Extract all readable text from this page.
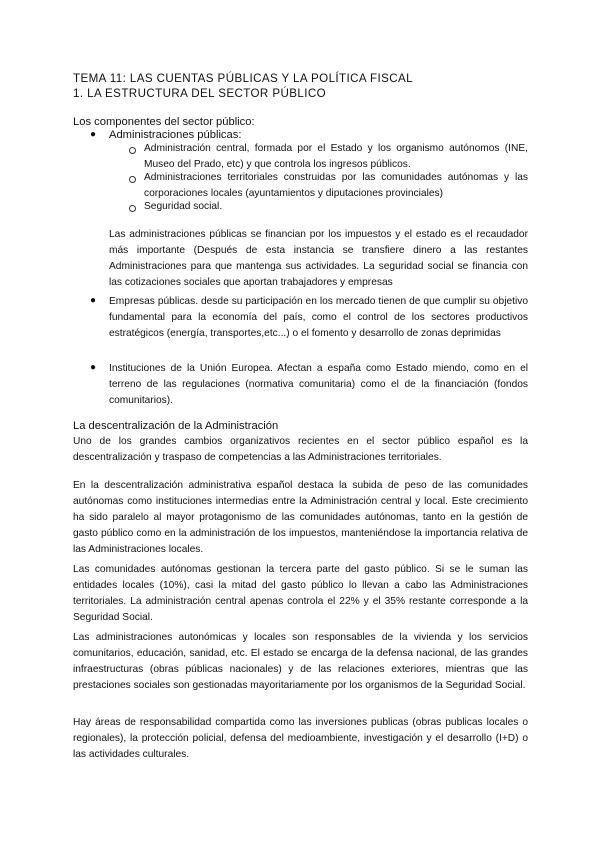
TEMA 11: LAS CUENTAS PÚBLICAS Y LA POLÍTICA FISCAL
1. LA ESTRUCTURA DEL SECTOR PÚBLICO
Los componentes del sector público:
● Administraciones públicas:
Administración central, formada por el Estado y los organismo autónomos (INE, Museo del Prado, etc) y que controla los ingresos públicos.
Administraciones territoriales construidas por las comunidades autónomas y las corporaciones locales (ayuntamientos y diputaciones provinciales)
Seguridad social.
Las administraciones públicas se financian por los impuestos y el estado es el recaudador más importante (Después de esta instancia se transfiere dinero a las restantes Administraciones para que mantenga sus actividades. La seguridad social se financia con las cotizaciones sociales que aportan trabajadores y empresas
● Empresas públicas. desde su participación en los mercado tienen de que cumplir su objetivo fundamental para la economía del país, como el control de los sectores productivos estratégicos (energía, transportes,etc...) o el fomento y desarrollo de zonas deprimidas
● Instituciones de la Unión Europea. Afectan a españa como Estado miendo, como en el terreno de las regulaciones (normativa comunitaria) como el de la financiación (fondos comunitarios).
La descentralización de la Administración
Uno de los grandes cambios organizativos recientes en el sector público español es la descentralización y traspaso de competencias a las Administraciones territoriales.
En la descentralización administrativa español destaca la subida de peso de las comunidades autónomas como instituciones intermedias entre la Administración central y local. Este crecimiento ha sido paralelo al mayor protagonismo de las comunidades autónomas, tanto en la gestión de gasto público como en la administración de los impuestos, manteniéndose la importancia relativa de las Administraciones locales.
Las comunidades autónomas gestionan la tercera parte del gasto público. Si se le suman las entidades locales (10%), casi la mitad del gasto público lo llevan a cabo las Administraciones territoriales. La administración central apenas controla el 22% y el 35% restante corresponde a la Seguridad Social.
Las administraciones autonómicas y locales son responsables de la vivienda y los servicios comunitarios, educación, sanidad, etc. El estado se encarga de la defensa nacional, de las grandes infraestructuras (obras públicas nacionales) y de las relaciones exteriores, mientras que las prestaciones sociales son gestionadas mayoritariamente por los organismos de la Seguridad Social.
Hay áreas de responsabilidad compartida como las inversiones publicas (obras publicas locales o regionales), la protección policial, defensa del medioambiente, investigación y el desarrollo (I+D) o las actividades culturales.
